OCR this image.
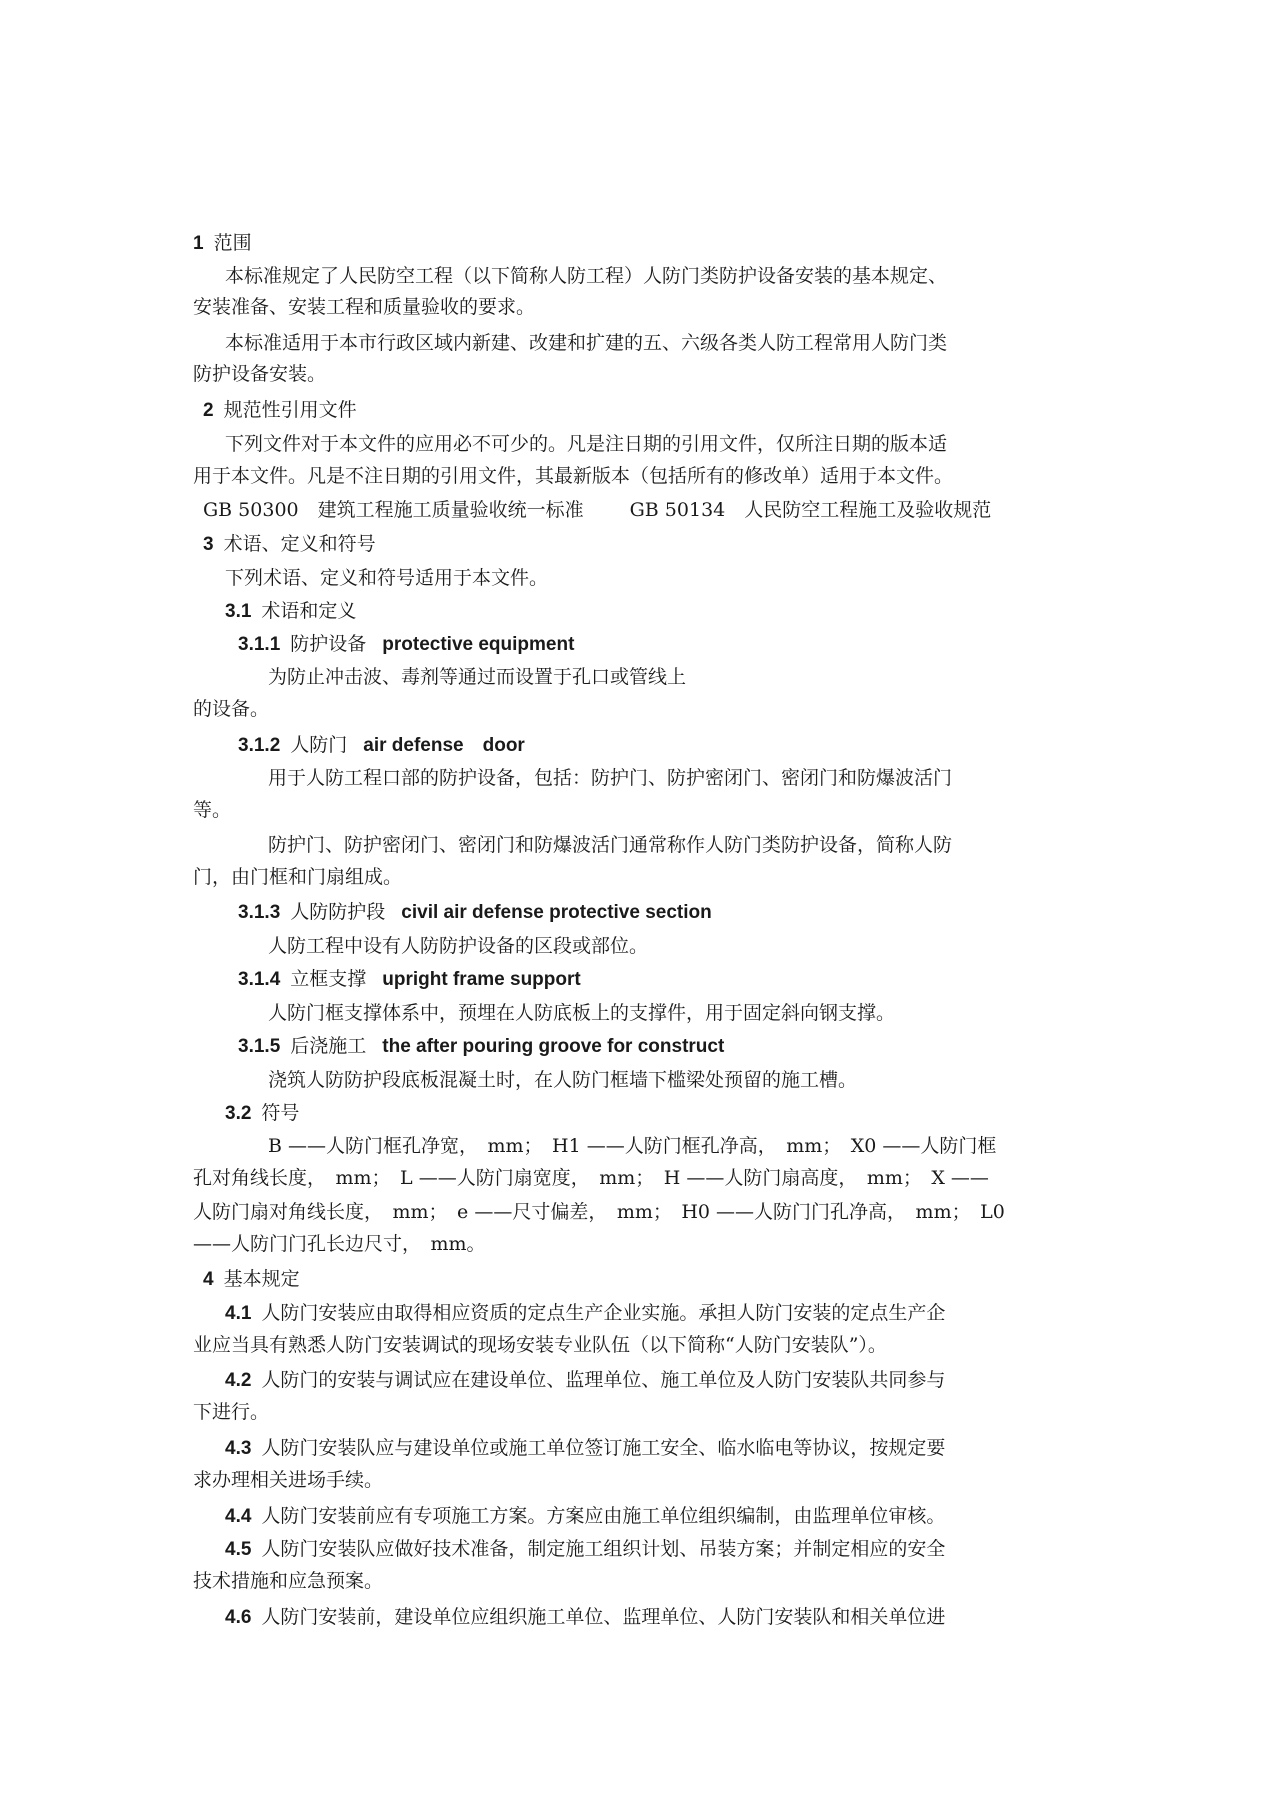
1 范围

本标准规定了人民防空工程（以下简称人防工程）人防门类防护设备安装的基本规定、

安装准备、安装工程和质量验收的要求。

本标准适用于本市行政区域内新建、改建和扩建的五、六级各类人防工程常用人防门类

防护设备安装。

2 规范性引用文件

下列文件对于本文件的应用必不可少的。凡是注日期的引用文件，仅所注日期的版本适

用于本文件。凡是不注日期的引用文件，其最新版本（包括所有的修改单）适用于本文件。

GB 50300　建筑工程施工质量验收统一标准 GB 50134　人民防空工程施工及验收规范

3 术语、定义和符号

下列术语、定义和符号适用于本文件。

3.1 术语和定义

3.1.1 防护设备 protective equipment

为防止冲击波、毒剂等通过而设置于孔口或管线上

的设备。

3.1.2 人防门 air defense　door

用于人防工程口部的防护设备，包括：防护门、防护密闭门、密闭门和防爆波活门

等。

防护门、防护密闭门、密闭门和防爆波活门通常称作人防门类防护设备，简称人防

门，由门框和门扇组成。

3.1.3 人防防护段 civil air defense protective section

人防工程中设有人防防护设备的区段或部位。

3.1.4 立框支撑 upright frame support

人防门框支撑体系中，预埋在人防底板上的支撑件，用于固定斜向钢支撑。

3.1.5 后浇施工 the after pouring groove for construct

浇筑人防防护段底板混凝土时，在人防门框墙下槛梁处预留的施工槽。

3.2 符号

B ——人防门框孔净宽，　mm；　H1 ——人防门框孔净高，　mm；　X0 ——人防门框

孔对角线长度，　mm；　L ——人防门扇宽度，　mm；　H ——人防门扇高度，　mm；　X ——

人防门扇对角线长度，　mm；　e ——尺寸偏差，　mm；　H0 ——人防门门孔净高，　mm；　L0

——人防门门孔长边尺寸，　mm。

4 基本规定

4.1 人防门安装应由取得相应资质的定点生产企业实施。承担人防门安装的定点生产企

业应当具有熟悉人防门安装调试的现场安装专业队伍（以下简称“人防门安装队”）。

4.2 人防门的安装与调试应在建设单位、监理单位、施工单位及人防门安装队共同参与

下进行。

4.3 人防门安装队应与建设单位或施工单位签订施工安全、临水临电等协议，按规定要

求办理相关进场手续。

4.4 人防门安装前应有专项施工方案。方案应由施工单位组织编制，由监理单位审核。

4.5 人防门安装队应做好技术准备，制定施工组织计划、吊装方案；并制定相应的安全

技术措施和应急预案。

4.6 人防门安装前，建设单位应组织施工单位、监理单位、人防门安装队和相关单位进
